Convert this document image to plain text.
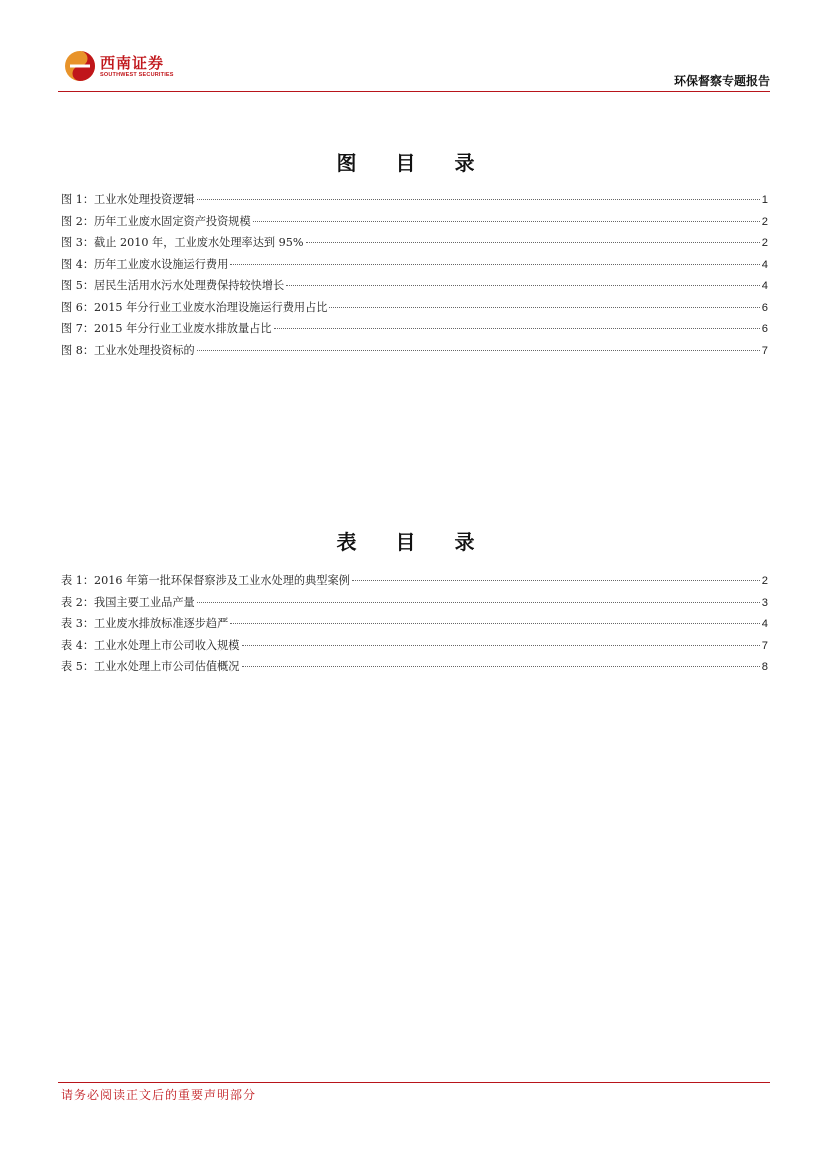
西南证券
SOUTHWEST SECURITIES	环保督察专题报告
图 目 录
图 1：工业水处理投资逻辑	1
图 2：历年工业废水固定资产投资规模	2
图 3：截止 2010 年，工业废水处理率达到 95%	2
图 4：历年工业废水设施运行费用	4
图 5：居民生活用水污水处理费保持较快增长	4
图 6：2015 年分行业工业废水治理设施运行费用占比	6
图 7：2015 年分行业工业废水排放量占比	6
图 8：工业水处理投资标的	7
表 目 录
表 1：2016 年第一批环保督察涉及工业水处理的典型案例	2
表 2：我国主要工业品产量	3
表 3：工业废水排放标准逐步趋严	4
表 4：工业水处理上市公司收入规模	7
表 5：工业水处理上市公司估值概况	8
请务必阅读正文后的重要声明部分
